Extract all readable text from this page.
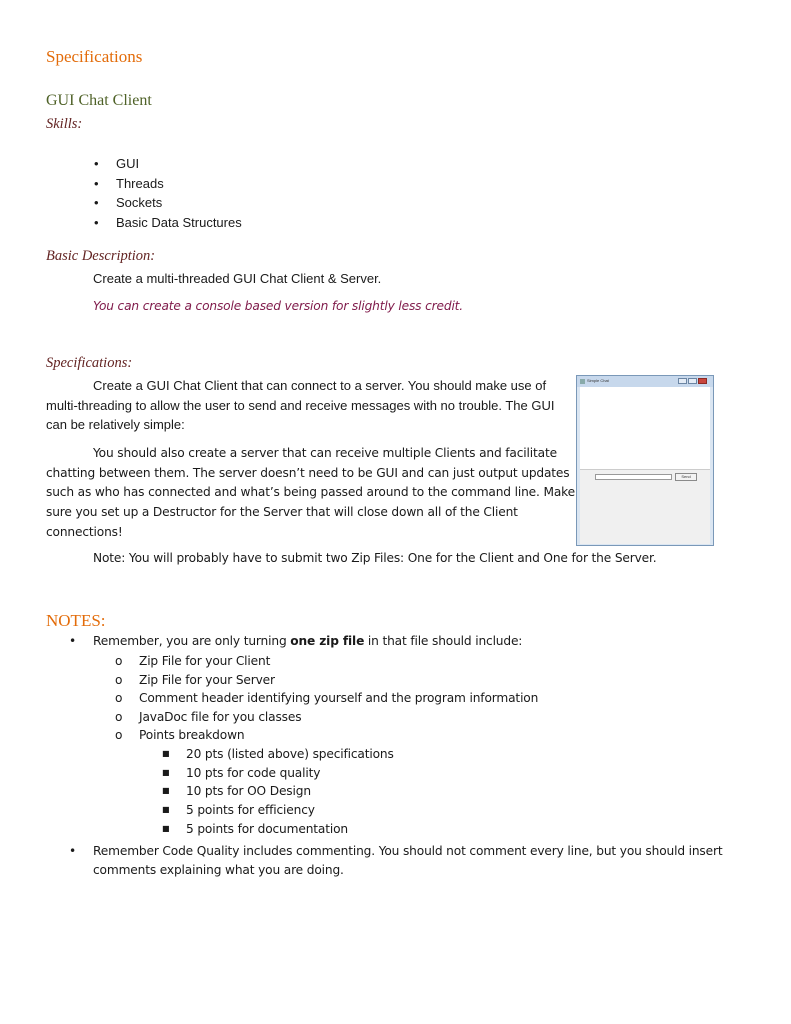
Specifications
GUI Chat Client
Skills:
• GUI
• Threads
• Sockets
• Basic Data Structures
Basic Description:
Create a multi-threaded GUI Chat Client & Server.
You can create a console based version for slightly less credit.
Specifications:
Create a GUI Chat Client that can connect to a server. You should make use of
multi-threading to allow the user to send and receive messages with no trouble. The GUI
can be relatively simple:
You should also create a server that can receive multiple Clients and facilitate
chatting between them. The server doesn’t need to be GUI and can just output updates
such as who has connected and what’s being passed around to the command line. Make
sure you set up a Destructor for the Server that will close down all of the Client
connections!
Simple Chat
Send
Note: You will probably have to submit two Zip Files: One for the Client and One for the Server.
NOTES:
• Remember, you are only turning one zip file in that file should include:
o Zip File for your Client
o Zip File for your Server
o Comment header identifying yourself and the program information
o JavaDoc file for you classes
o Points breakdown
■ 20 pts (listed above) specifications
■ 10 pts for code quality
■ 10 pts for OO Design
■ 5 points for efficiency
■ 5 points for documentation
• Remember Code Quality includes commenting. You should not comment every line, but you should insert
comments explaining what you are doing.
